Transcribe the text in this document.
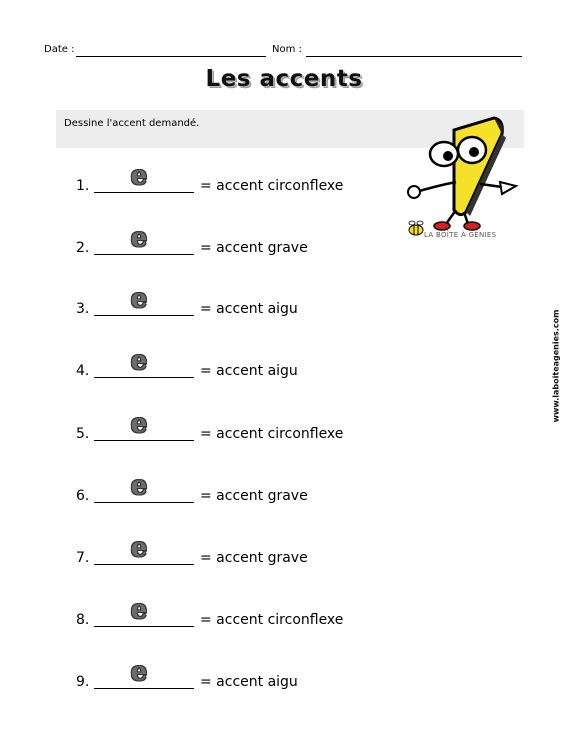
Date :	Nom :
Les accents
Dessine l'accent demandé.
LA BOÎTE À GÉNIES
1. e	= accent circonflexe
2. e	= accent grave
3. e	= accent aigu
4. e	= accent aigu
5. e	= accent circonflexe
6. e	= accent grave
7. e	= accent grave
8. e	= accent circonflexe
9. e	= accent aigu
www.laboiteagenies.com
